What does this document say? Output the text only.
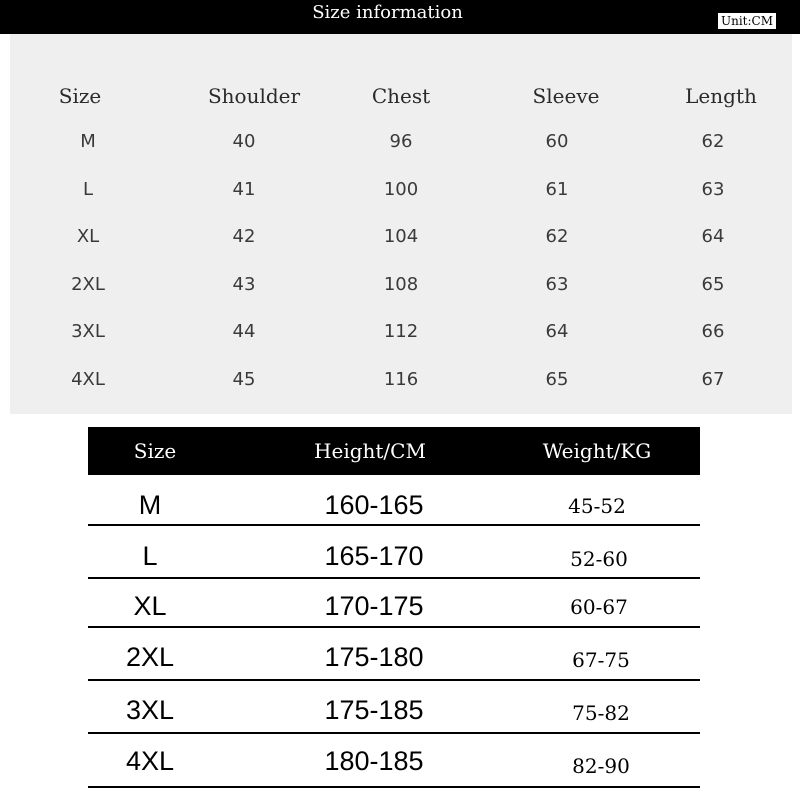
Size information	Unit:CM
Size	Shoulder	Chest	Sleeve	Length
M	40	96	60	62
L	41	100	61	63
XL	42	104	62	64
2XL	43	108	63	65
3XL	44	112	64	66
4XL	45	116	65	67
Size	Height/CM	Weight/KG
M	160-165	45-52
L	165-170	52-60
XL	170-175	60-67
2XL	175-180	67-75
3XL	175-185	75-82
4XL	180-185	82-90
